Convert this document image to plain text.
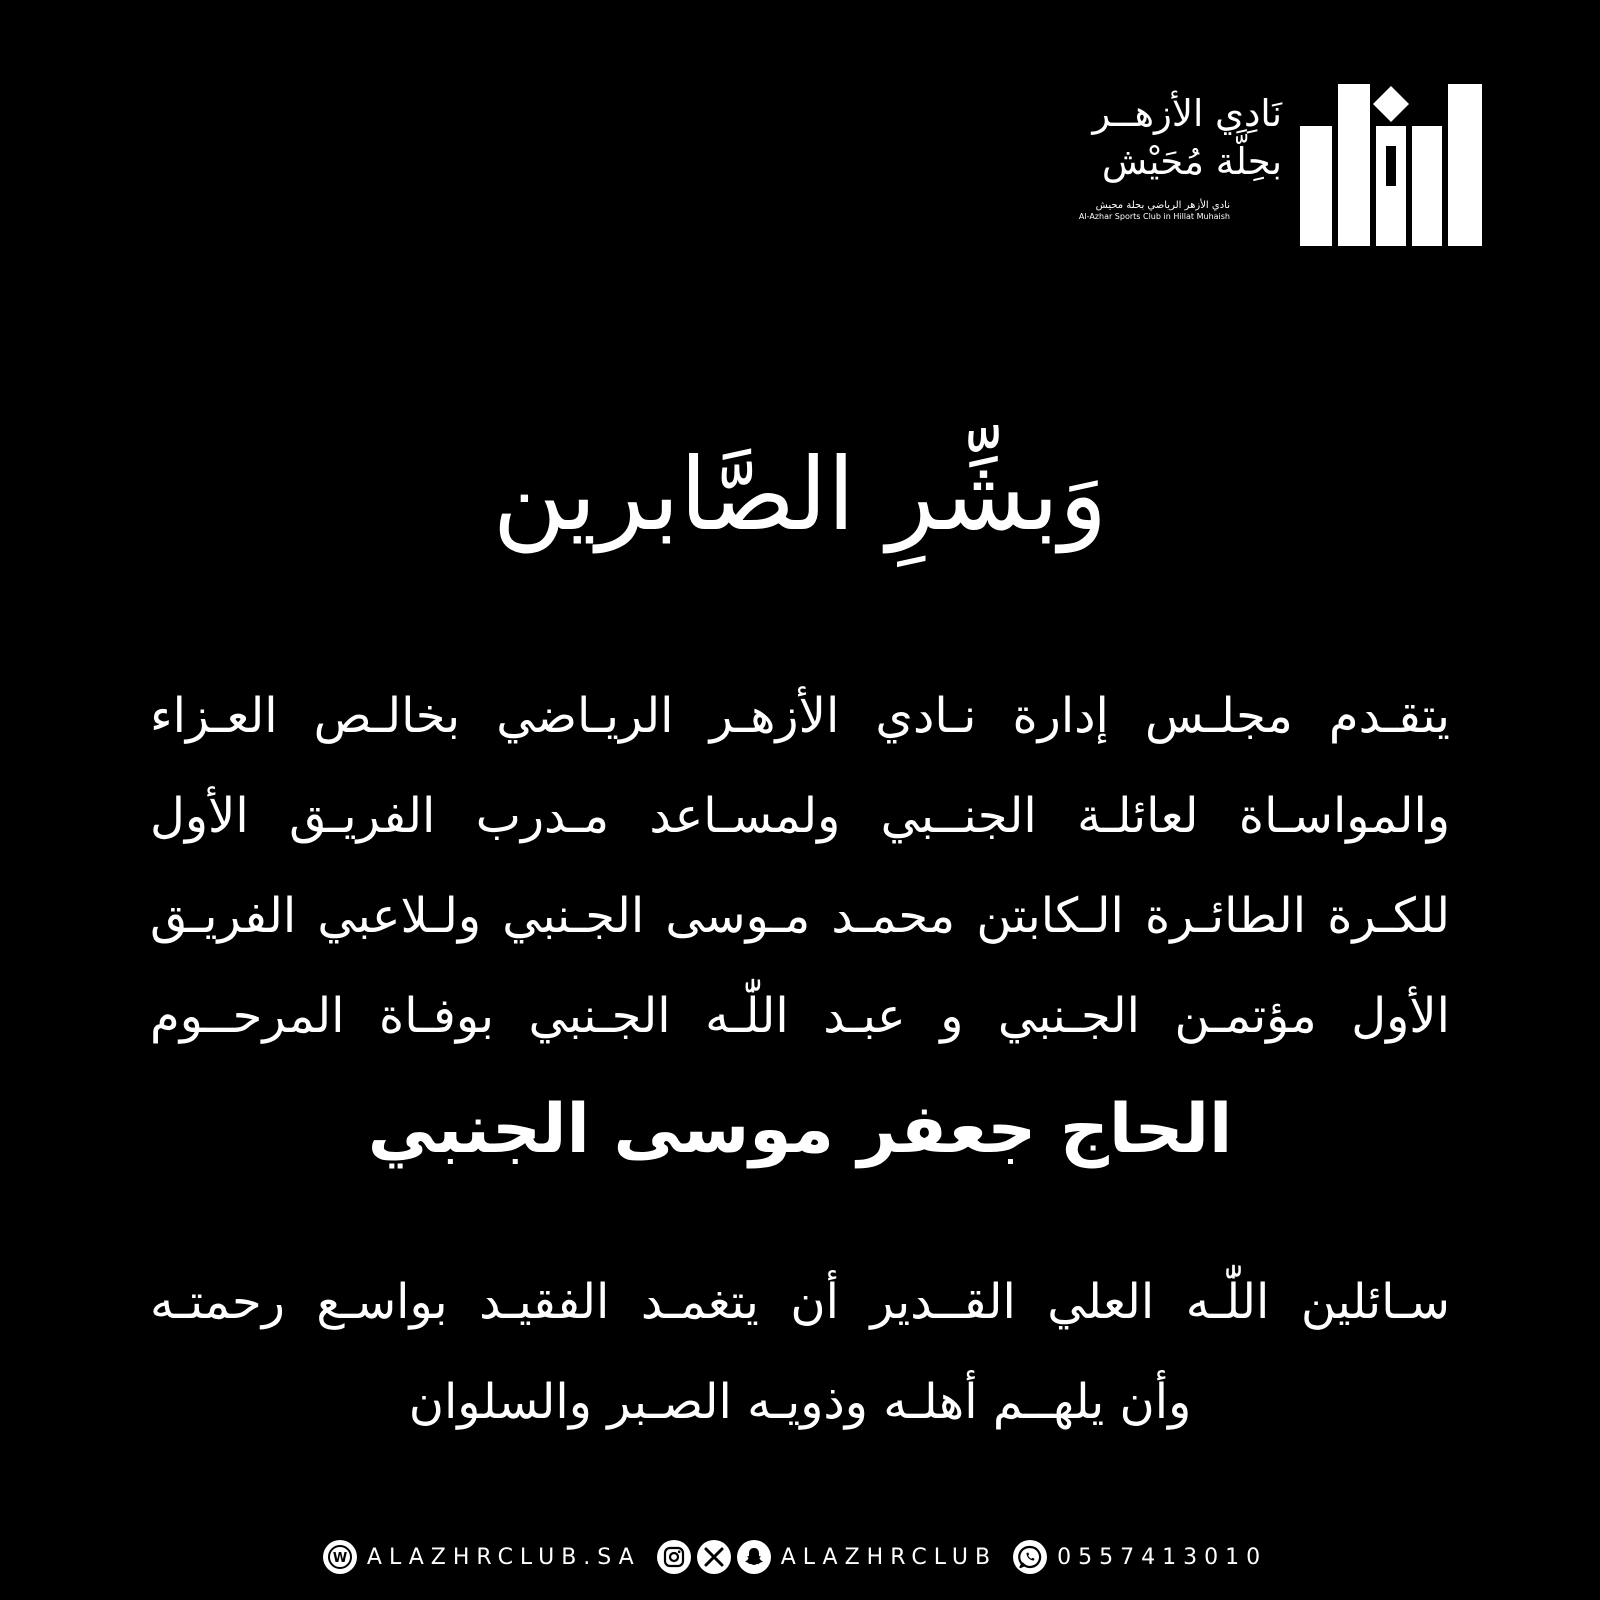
نَادِي الأزهــر
بحِلَّة مُحَيْش
نادي الأزهر الرياضي بحلة محيش
Al-Azhar Sports Club in Hillat Muhaish
وَبشِّرِ الصَّابرين
يتقـدم مجلـس إدارة نـادي الأزهـر الريـاضي بخالـص العـزاء
والمواسـاة لعائلـة الجنــبي ولمسـاعد مـدرب الفريـق الأول
للكـرة الطائـرة الـكابتن محمـد مـوسى الجـنبي ولـلاعبي الفريـق
الأول مؤتمـن الجـنبي و عبـد اللّٰـه الجـنبي بوفـاة المرحــوم
الحاج جعفر موسى الجنبي
سـائلين اللّٰـه العلي القــدير أن يتغمـد الفقيـد بواسـع رحمتـه
وأن يلهــم أهلـه وذويـه الصـبر والسلوان
W ALAZHRCLUB.SA	ALAZHRCLUB	0557413010
